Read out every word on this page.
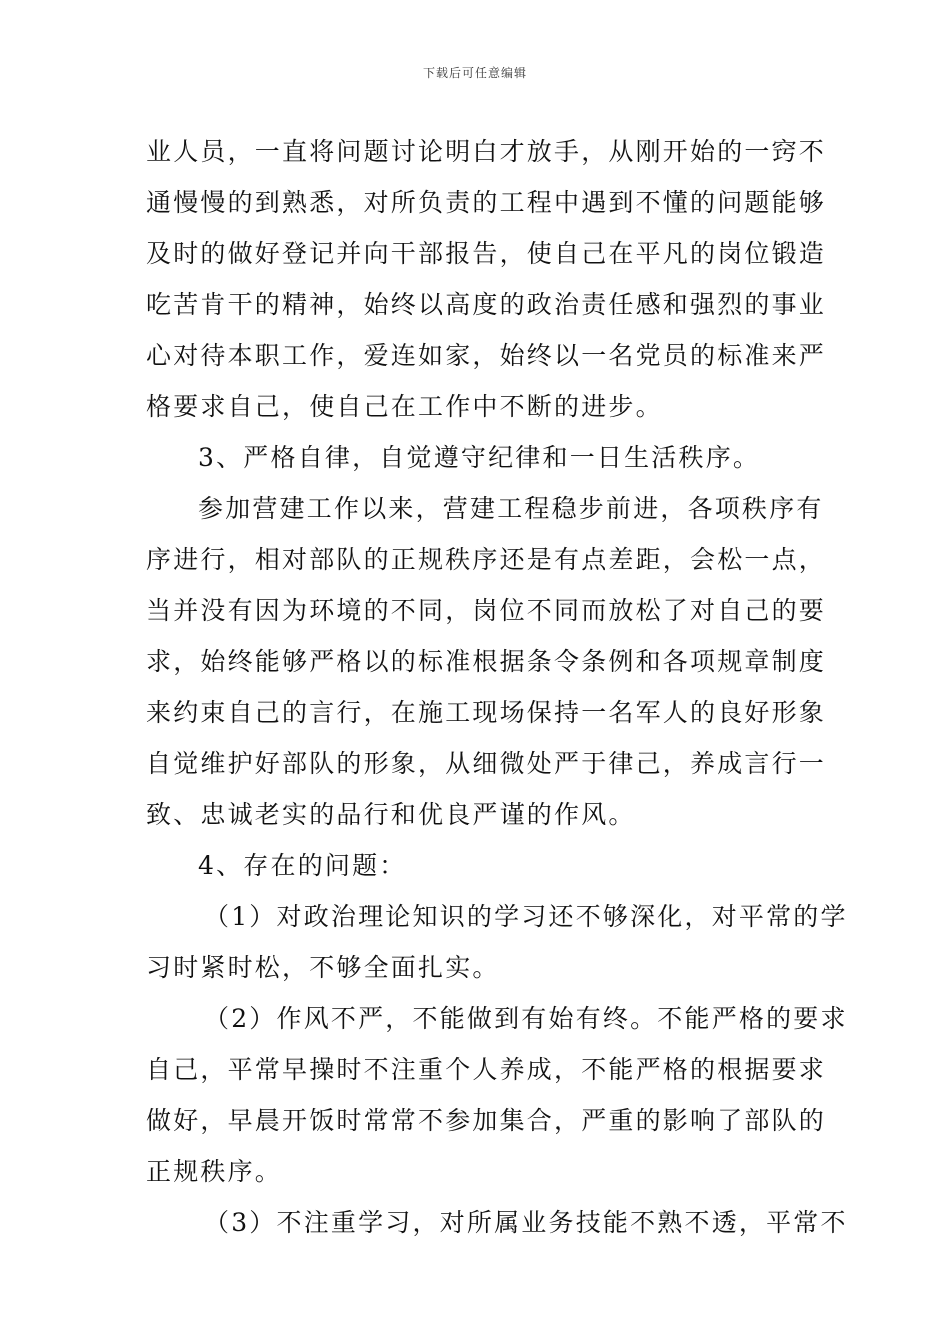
下载后可任意编辑
业人员，一直将问题讨论明白才放手，从刚开始的一窍不
通慢慢的到熟悉，对所负责的工程中遇到不懂的问题能够
及时的做好登记并向干部报告，使自己在平凡的岗位锻造
吃苦肯干的精神，始终以高度的政治责任感和强烈的事业
心对待本职工作，爱连如家，始终以一名党员的标准来严
格要求自己，使自己在工作中不断的进步。
3、严格自律，自觉遵守纪律和一日生活秩序。
参加营建工作以来，营建工程稳步前进，各项秩序有
序进行，相对部队的正规秩序还是有点差距，会松一点，
当并没有因为环境的不同，岗位不同而放松了对自己的要
求，始终能够严格以的标准根据条令条例和各项规章制度
来约束自己的言行，在施工现场保持一名军人的良好形象
自觉维护好部队的形象，从细微处严于律己，养成言行一
致、忠诚老实的品行和优良严谨的作风。
4、存在的问题：
（1）对政治理论知识的学习还不够深化，对平常的学
习时紧时松，不够全面扎实。
（2）作风不严，不能做到有始有终。不能严格的要求
自己，平常早操时不注重个人养成，不能严格的根据要求
做好，早晨开饭时常常不参加集合，严重的影响了部队的
正规秩序。
（3）不注重学习，对所属业务技能不熟不透，平常不
